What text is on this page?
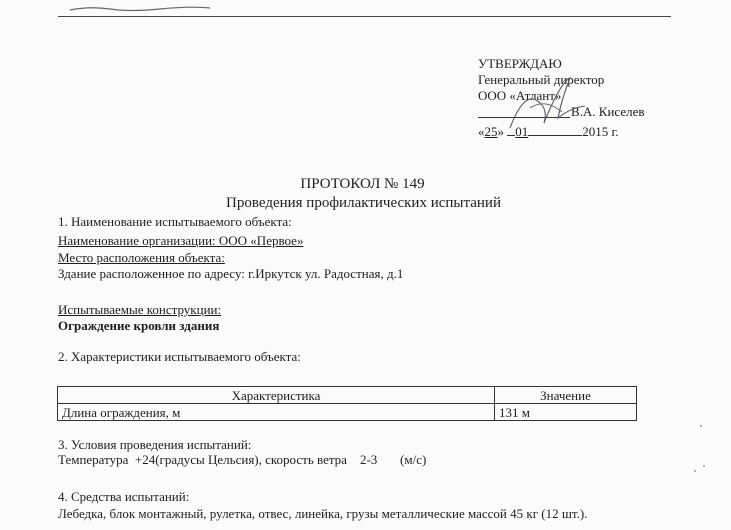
УТВЕРЖДАЮ
Генеральный директор
ООО «Атлант»
В.А. Киселев
«25» 01	2015 г.
ПРОТОКОЛ № 149
Проведения профилактических испытаний
1. Наименование испытываемого объекта:
Наименование организации: ООО «Первое»
Место расположения объекта:
Здание расположенное по адресу: г.Иркутск ул. Радостная, д.1
Испытываемые конструкции:
Ограждение кровли здания
2. Характеристики испытываемого объекта:
Характеристика	Значение
Длина ограждения, м	131 м
3. Условия проведения испытаний:
Температура  +24(градусы Цельсия), скорость ветра    2-3       (м/с)
4. Средства испытаний:
Лебедка, блок монтажный, рулетка, отвес, линейка, грузы металлические массой 45 кг (12 шт.).
